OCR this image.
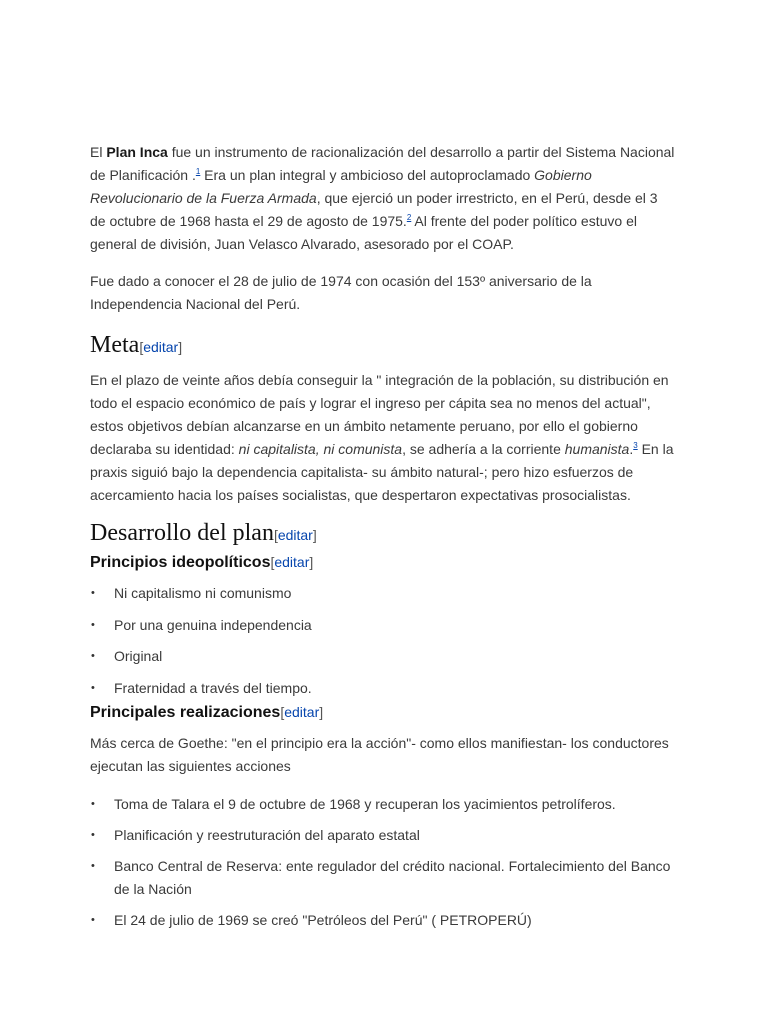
El Plan Inca fue un instrumento de racionalización del desarrollo a partir del Sistema Nacional de Planificación .$^1$ Era un plan integral y ambicioso del autoproclamado Gobierno Revolucionario de la Fuerza Armada, que ejerció un poder irrestricto, en el Perú, desde el 3 de octubre de 1968 hasta el 29 de agosto de 1975.$^2$ Al frente del poder político estuvo el general de división, Juan Velasco Alvarado, asesorado por el COAP.

Fue dado a conocer el 28 de julio de 1974 con ocasión del 153º aniversario de la Independencia Nacional del Perú.

Meta[editar]

En el plazo de veinte años debía conseguir la " integración de la población, su distribución en todo el espacio económico de país y lograr el ingreso per cápita sea no menos del actual", estos objetivos debían alcanzarse en un ámbito netamente peruano, por ello el gobierno declaraba su identidad: ni capitalista, ni comunista, se adhería a la corriente humanista.$^3$ En la praxis siguió bajo la dependencia capitalista- su ámbito natural-; pero hizo esfuerzos de acercamiento hacia los países socialistas, que despertaron expectativas prosocialistas.

Desarrollo del plan[editar]
Principios ideopolíticos[editar]
• Ni capitalismo ni comunismo
• Por una genuina independencia
• Original
• Fraternidad a través del tiempo.
Principales realizaciones[editar]

Más cerca de Goethe: "en el principio era la acción"- como ellos manifiestan- los conductores ejecutan las siguientes acciones

• Toma de Talara el 9 de octubre de 1968 y recuperan los yacimientos petrolíferos.
• Planificación y reestruturación del aparato estatal
• Banco Central de Reserva: ente regulador del crédito nacional. Fortalecimiento del Banco de la Nación
• El 24 de julio de 1969 se creó "Petróleos del Perú" ( PETROPERÚ)
